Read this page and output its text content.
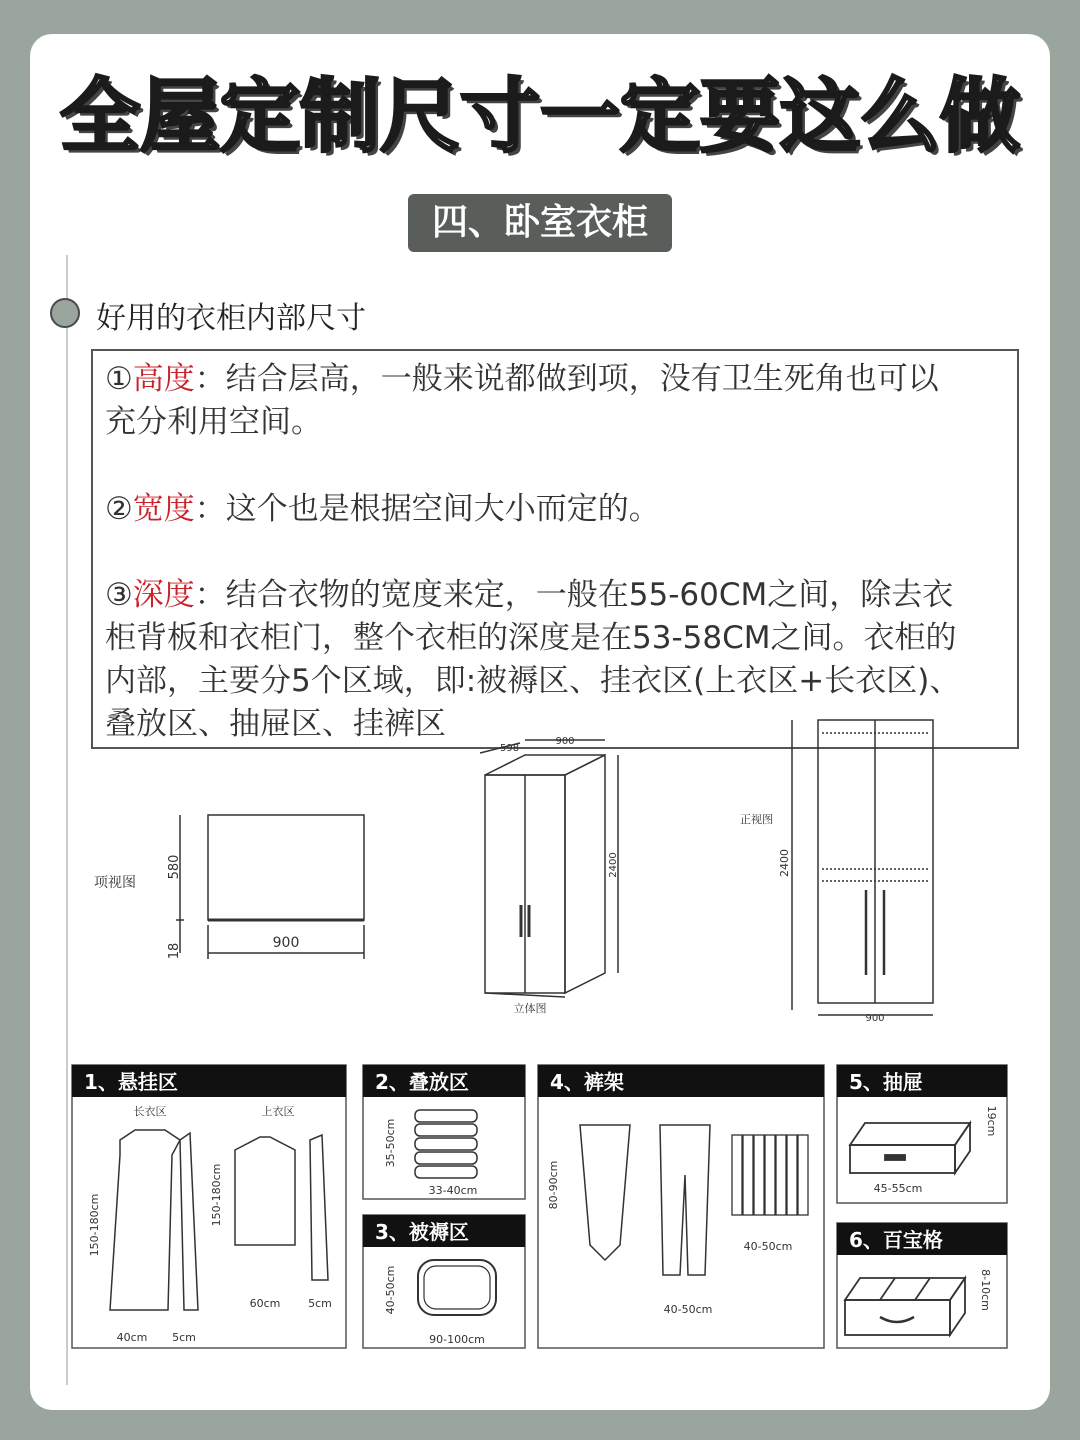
全屋定制尺寸一定要这么做
四、卧室衣柜
好用的衣柜内部尺寸
①高度：结合层高，一般来说都做到项，没有卫生死角也可以
充分利用空间。
②宽度：这个也是根据空间大小而定的。
③深度：结合衣物的宽度来定，一般在55-60CM之间，除去衣
柜背板和衣柜门，整个衣柜的深度是在53-58CM之间。衣柜的
内部，主要分5个区域，即:被褥区、挂衣区(上衣区+长衣区)、
叠放区、抽屉区、挂裤区
项视图
580
18	900
598
900
2400
立体图
正视图
2400
900
1、悬挂区
长衣区	上衣区
150-180cm	150-180cm
40cm 5cm
60cm	5cm
2、叠放区
35-50cm
33-40cm
3、被褥区
40-50cm
90-100cm
4、裤架
80-90cm
40-50cm
40-50cm
5、抽屉
19cm
45-55cm
6、百宝格
8-10cm
